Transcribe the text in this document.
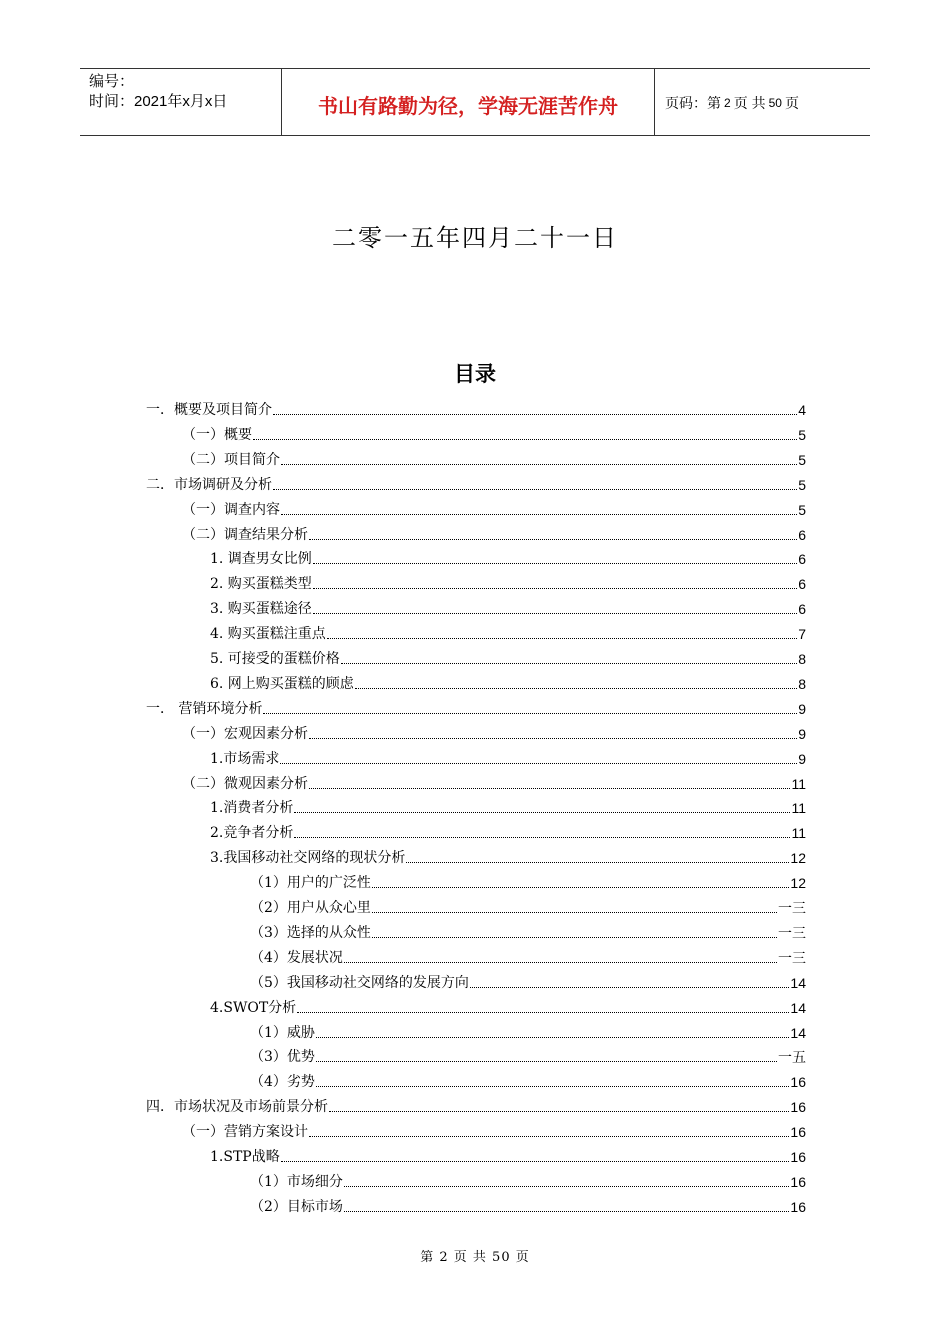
编号：
时间：2021年x月x日	书山有路勤为径，学海无涯苦作舟	页码：第 2 页 共 50 页
二零一五年四月二十一日
目录
一．概要及项目简介	4
（一）概要	5
（二）项目简介	5
二．市场调研及分析	5
（一）调查内容	5
（二）调查结果分析	6
1. 调查男女比例	6
2. 购买蛋糕类型	6
3. 购买蛋糕途径	6
4. 购买蛋糕注重点	7
5. 可接受的蛋糕价格	8
6. 网上购买蛋糕的顾虑	8
一． 营销环境分析	9
（一）宏观因素分析	9
1.市场需求	9
（二）微观因素分析	11
1.消费者分析	11
2.竞争者分析	11
3.我国移动社交网络的现状分析	12
（1）用户的广泛性	12
（2）用户从众心里	一三
（3）选择的从众性	一三
（4）发展状况	一三
（5）我国移动社交网络的发展方向	14
4.SWOT分析	14
（1）威胁	14
（3）优势	一五
（4）劣势	16
四．市场状况及市场前景分析	16
（一）营销方案设计	16
1.STP战略	16
（1）市场细分	16
（2）目标市场	16
第 2 页 共 50 页
